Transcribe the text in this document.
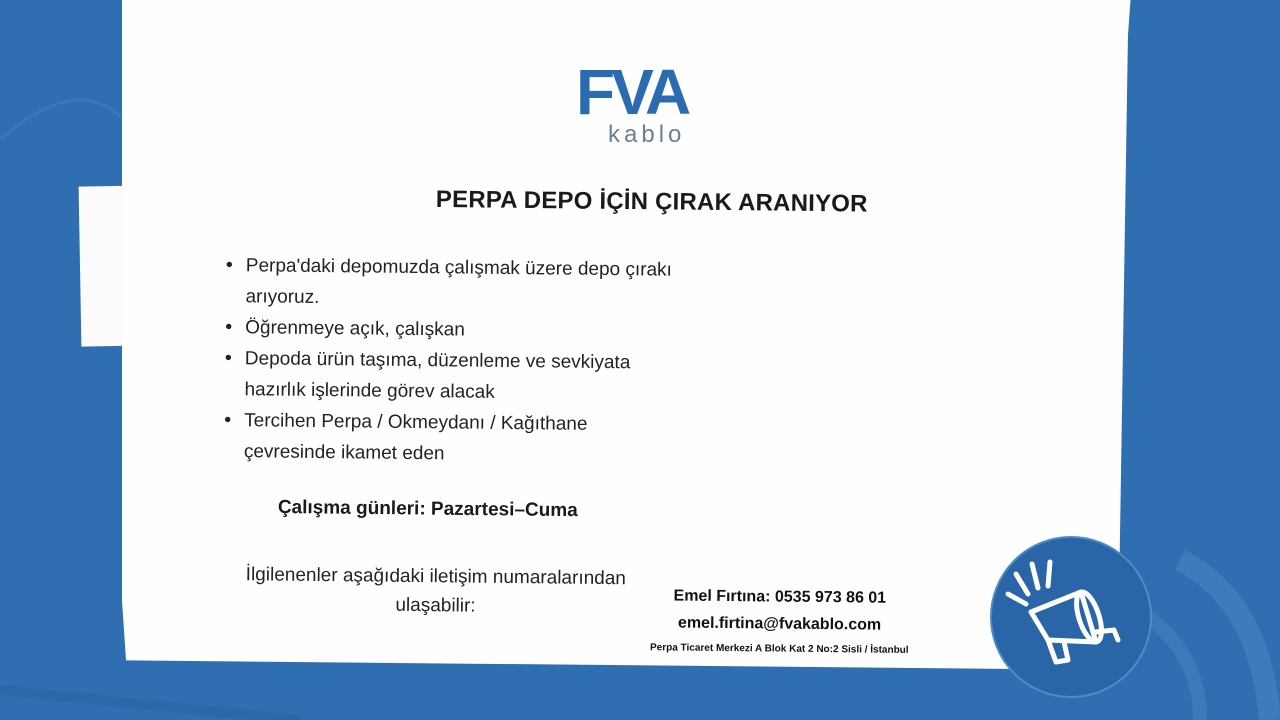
FVA
kablo
PERPA DEPO İÇİN ÇIRAK ARANIYOR
• Perpa'daki depomuzda çalışmak üzere depo çırakı arıyoruz.
• Öğrenmeye açık, çalışkan
• Depoda ürün taşıma, düzenleme ve sevkiyata hazırlık işlerinde görev alacak
• Tercihen Perpa / Okmeydanı / Kağıthane çevresinde ikamet eden
Çalışma günleri: Pazartesi–Cuma
İlgilenenler aşağıdaki iletişim numaralarından ulaşabilir:	Emel Fırtına: 0535 973 86 01
emel.firtina@fvakablo.com
Perpa Ticaret Merkezi A Blok Kat 2 No:2 Sisli / İstanbul
